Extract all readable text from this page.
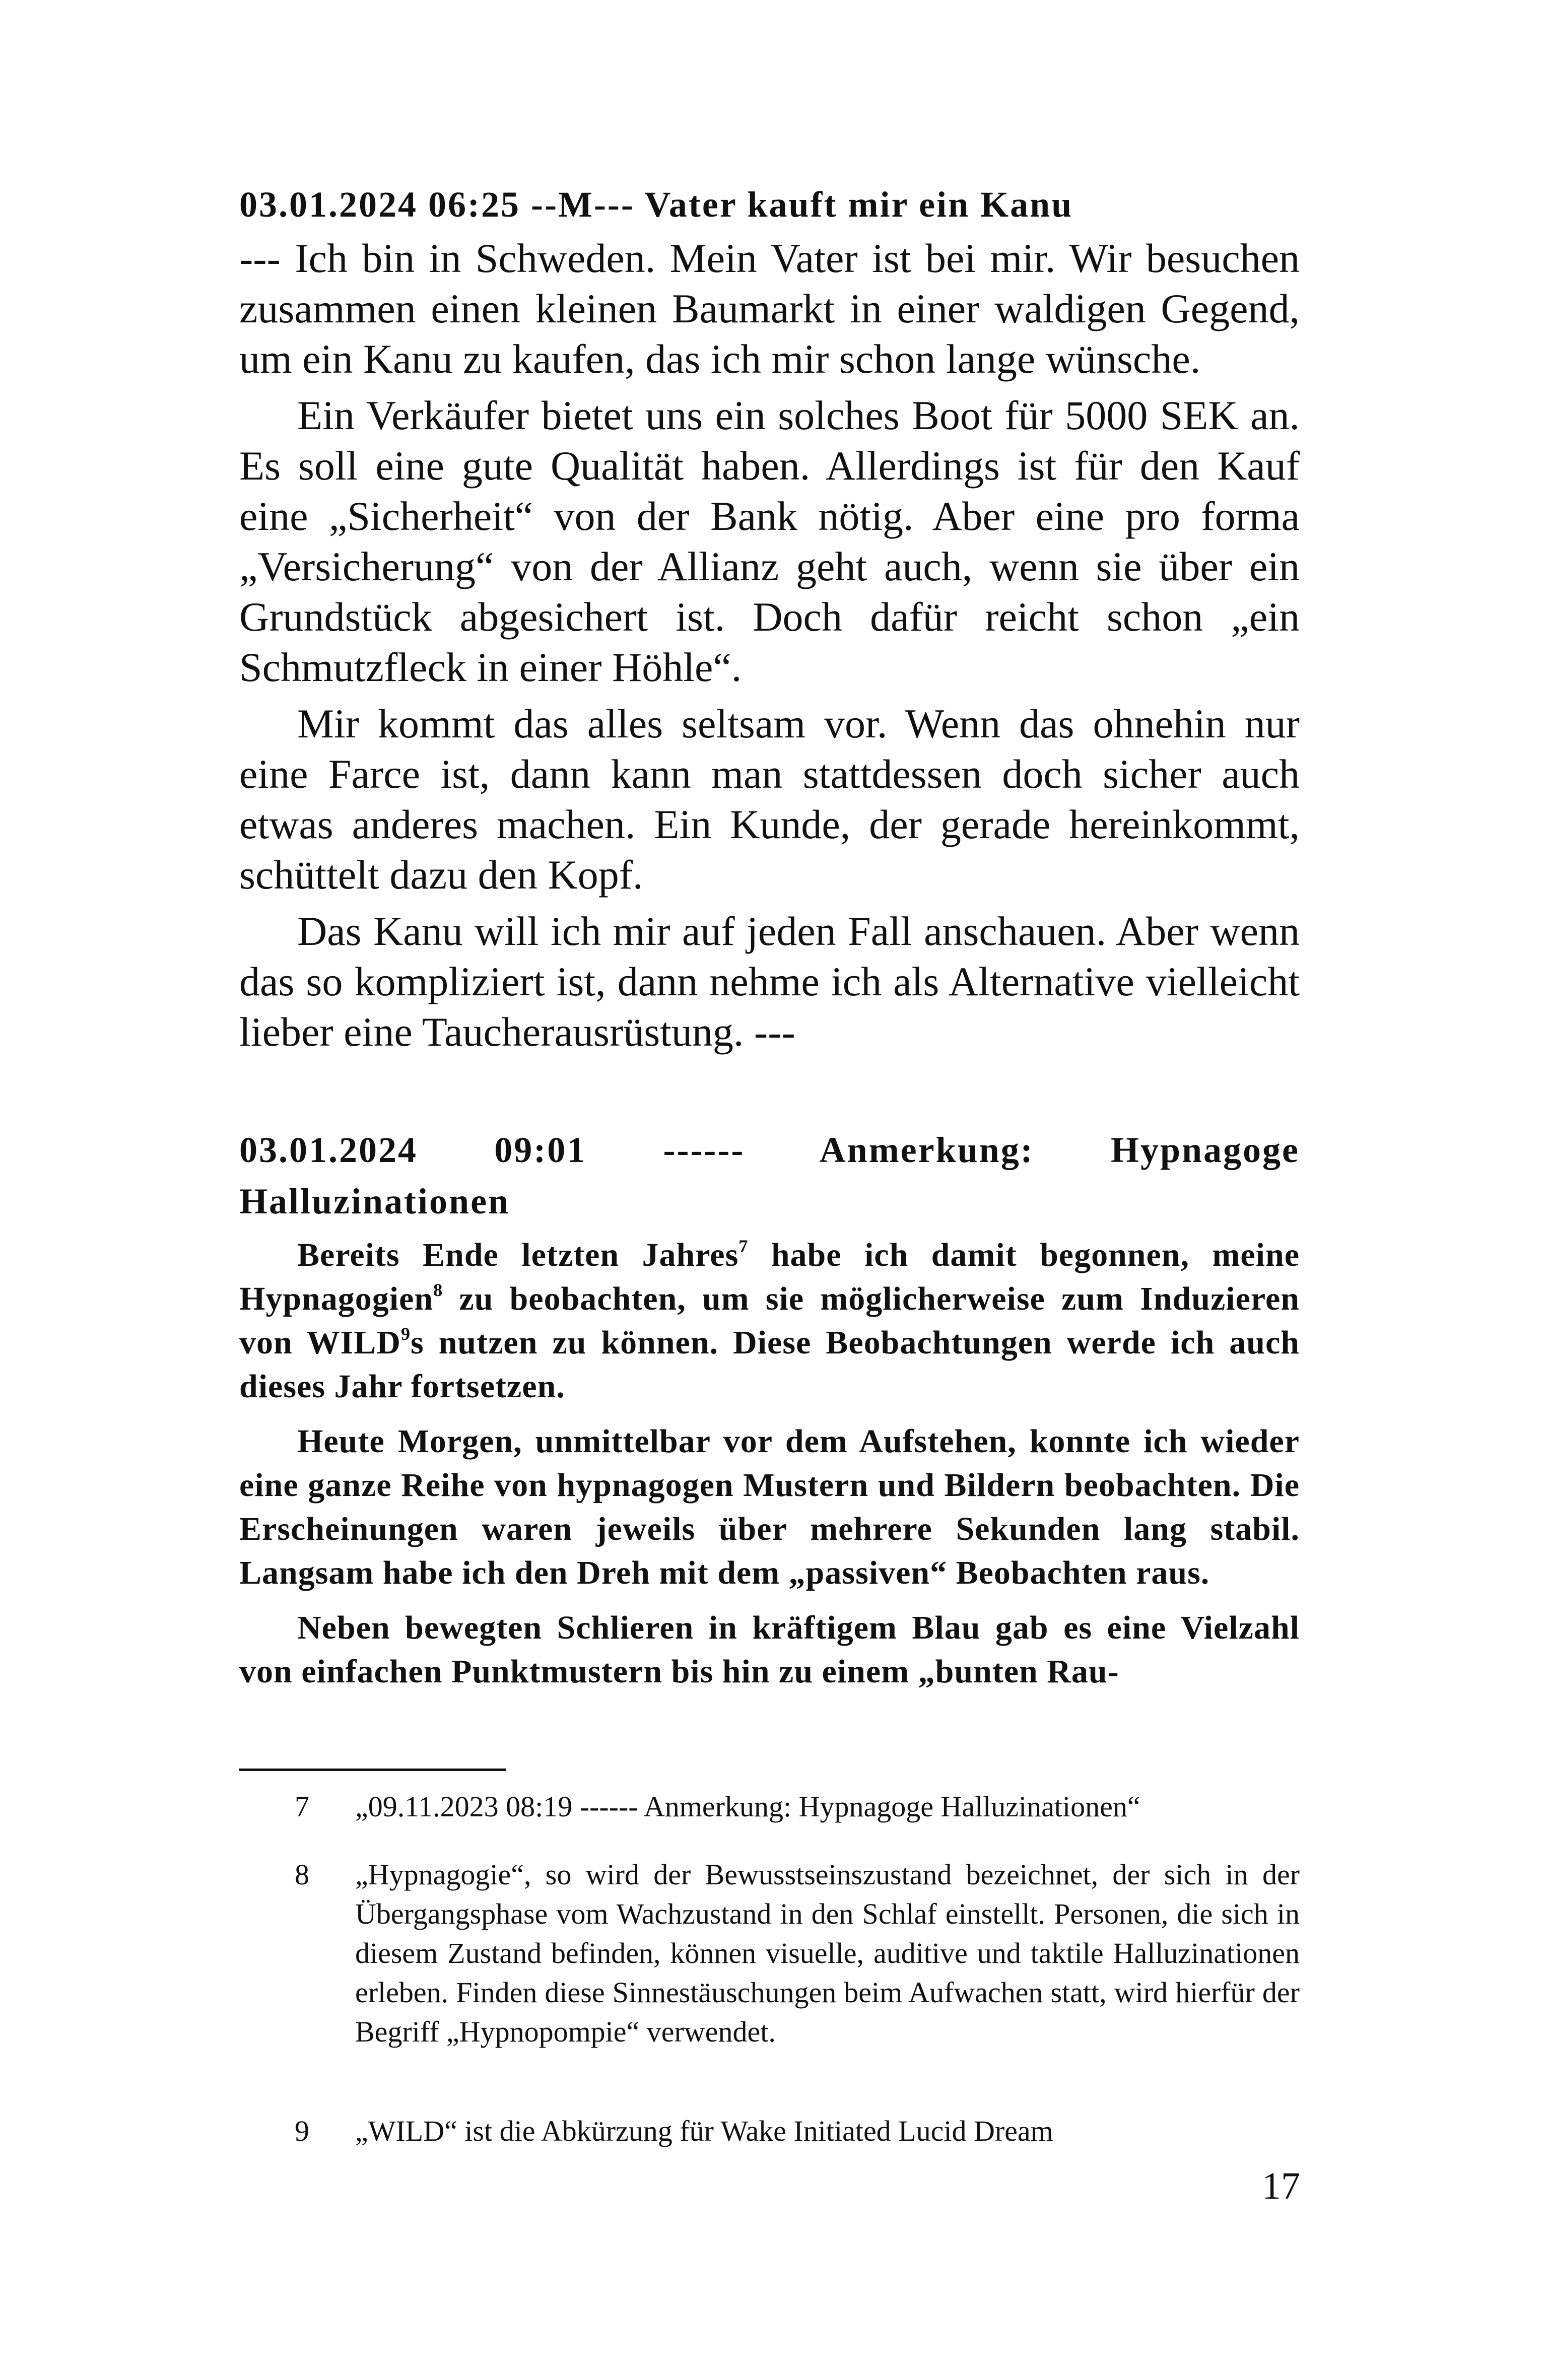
03.01.2024 06:25 --M--- Vater kauft mir ein Kanu

--- Ich bin in Schweden. Mein Vater ist bei mir. Wir besuchen zusammen einen kleinen Baumarkt in einer waldigen Gegend, um ein Kanu zu kaufen, das ich mir schon lange wünsche.

Ein Verkäufer bietet uns ein solches Boot für 5000 SEK an. Es soll eine gute Qualität haben. Allerdings ist für den Kauf eine „Sicherheit“ von der Bank nötig. Aber eine pro forma „Versicherung“ von der Allianz geht auch, wenn sie über ein Grundstück abgesichert ist. Doch dafür reicht schon „ein Schmutzfleck in einer Höhle“.

Mir kommt das alles seltsam vor. Wenn das ohnehin nur eine Farce ist, dann kann man stattdessen doch sicher auch etwas anderes machen. Ein Kunde, der gerade hereinkommt, schüttelt dazu den Kopf.

Das Kanu will ich mir auf jeden Fall anschauen. Aber wenn das so kompliziert ist, dann nehme ich als Alternative vielleicht lieber eine Taucherausrüstung. ---

03.01.2024 09:01 ------ Anmerkung: Hypnagoge Halluzinationen

Bereits Ende letzten Jahres$^7$ habe ich damit begonnen, meine Hypnagogien$^8$ zu beobachten, um sie möglicherweise zum Induzieren von WILD$^9$s nutzen zu können. Diese Beobachtungen werde ich auch dieses Jahr fortsetzen.

Heute Morgen, unmittelbar vor dem Aufstehen, konnte ich wieder eine ganze Reihe von hypnagogen Mustern und Bildern beobachten. Die Erscheinungen waren jeweils über mehrere Sekunden lang stabil. Langsam habe ich den Dreh mit dem „passiven“ Beobachten raus.

Neben bewegten Schlieren in kräftigem Blau gab es eine Vielzahl von einfachen Punktmustern bis hin zu einem „bunten Rau-

7	„09.11.2023 08:19 ------ Anmerkung: Hypnagoge Halluzinationen“
8	„Hypnagogie“, so wird der Bewusstseinszustand bezeichnet, der sich in der Übergangsphase vom Wachzustand in den Schlaf einstellt. Personen, die sich in diesem Zustand befinden, können visuelle, auditive und taktile Halluzinationen erleben. Finden diese Sinnestäuschungen beim Aufwachen statt, wird hierfür der Begriff „Hypnopompie“ verwendet.
9	„WILD“ ist die Abkürzung für Wake Initiated Lucid Dream
17
